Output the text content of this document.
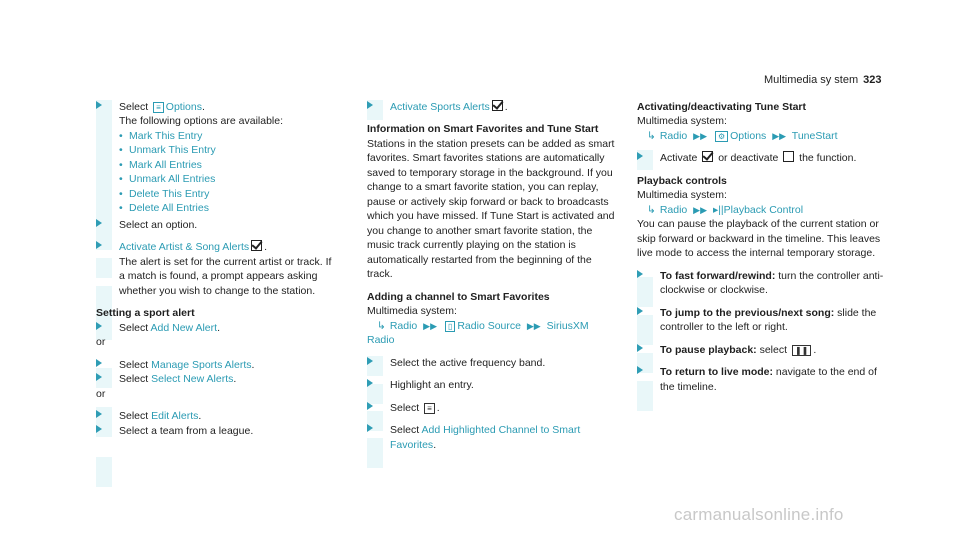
Multimedia sy stem 323
Select ≡ Options.
The following options are available:
• Mark This Entry
• Unmark This Entry
• Mark All Entries
• Unmark All Entries
• Delete This Entry
• Delete All Entries
Select an option.
Activate Artist & Song Alerts .
The alert is set for the current artist or track. If a match is found, a prompt appears asking whether you wish to change to the station.
Setting a sport alert
Select Add New Alert.
or
Select Manage Sports Alerts.
Select Select New Alerts.
or
Select Edit Alerts.
Select a team from a league.
Activate Sports Alerts .
Information on Smart Favorites and Tune Start
Stations in the station presets can be added as smart favorites. Smart favorites stations are automatically saved to temporary storage in the background. If you change to a smart favorite station, you can replay, pause or actively skip forward or back to broadcasts which you have missed. If Tune Start is activated and you change to another smart favorite station, the music track currently playing on the station is automatically restarted from the beginning of the track.
Adding a channel to Smart Favorites
Multimedia system:
↳ Radio ▶▶ ▯ Radio Source ▶▶ SiriusXM Radio
Select the active frequency band.
Highlight an entry.
Select ≡ .
Select Add Highlighted Channel to Smart Favorites.
Activating/deactivating Tune Start
Multimedia system:
↳ Radio ▶▶ ⚙ Options ▶▶ TuneStart
Activate or deactivate the function.
Playback controls
Multimedia system:
↳ Radio ▶▶ ▸||Playback Control
You can pause the playback of the current station or skip forward or backward in the timeline. This leaves live mode to access the internal temporary storage.
To fast forward/rewind: turn the controller anti-clockwise or clockwise.
To jump to the previous/next song: slide the controller to the left or right.
To pause playback: select ❚❚ .
To return to live mode: navigate to the end of the timeline.
carmanualsonline.info
